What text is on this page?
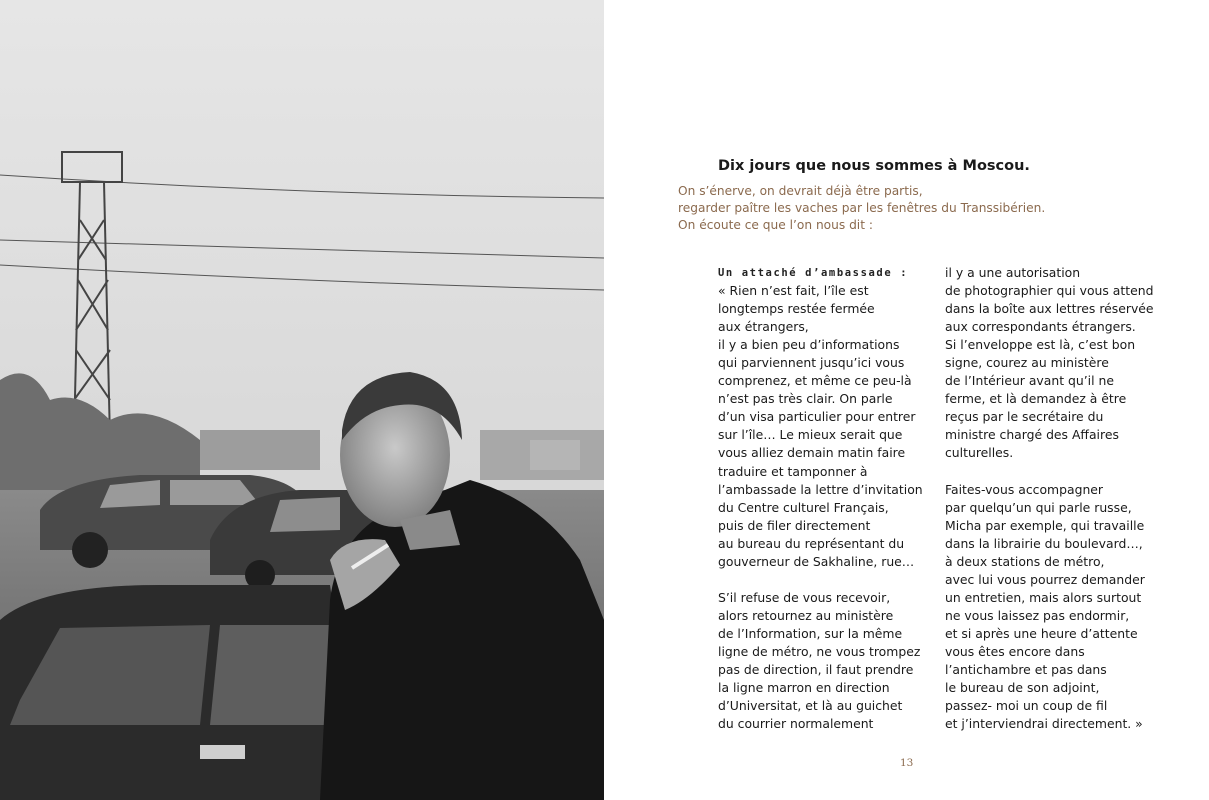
Dix jours que nous sommes à Moscou.
On s’énerve, on devrait déjà être partis,
regarder paître les vaches par les fenêtres du Transsibérien.
On écoute ce que l’on nous dit :
Un attaché d’ambassade :
« Rien n’est fait, l’île est
longtemps restée fermée
aux étrangers,
il y a bien peu d’informations
qui parviennent jusqu’ici vous
comprenez, et même ce peu-là
n’est pas très clair. On parle
d’un visa particulier pour entrer
sur l’île… Le mieux serait que
vous alliez demain matin faire
traduire et tamponner à
l’ambassade la lettre d’invitation
du Centre culturel Français,
puis de filer directement
au bureau du représentant du
gouverneur de Sakhaline, rue…
S’il refuse de vous recevoir,
alors retournez au ministère
de l’Information, sur la même
ligne de métro, ne vous trompez
pas de direction, il faut prendre
la ligne marron en direction
d’Universitat, et là au guichet
du courrier normalement
il y a une autorisation
de photographier qui vous attend
dans la boîte aux lettres réservée
aux correspondants étrangers.
Si l’enveloppe est là, c’est bon
signe, courez au ministère
de l’Intérieur avant qu’il ne
ferme, et là demandez à être
reçus par le secrétaire du
ministre chargé des Affaires
culturelles.
Faites-vous accompagner
par quelqu’un qui parle russe,
Micha par exemple, qui travaille
dans la librairie du boulevard…,
à deux stations de métro,
avec lui vous pourrez demander
un entretien, mais alors surtout
ne vous laissez pas endormir,
et si après une heure d’attente
vous êtes encore dans
l’antichambre et pas dans
le bureau de son adjoint,
passez- moi un coup de fil
et j’interviendrai directement. »
13
